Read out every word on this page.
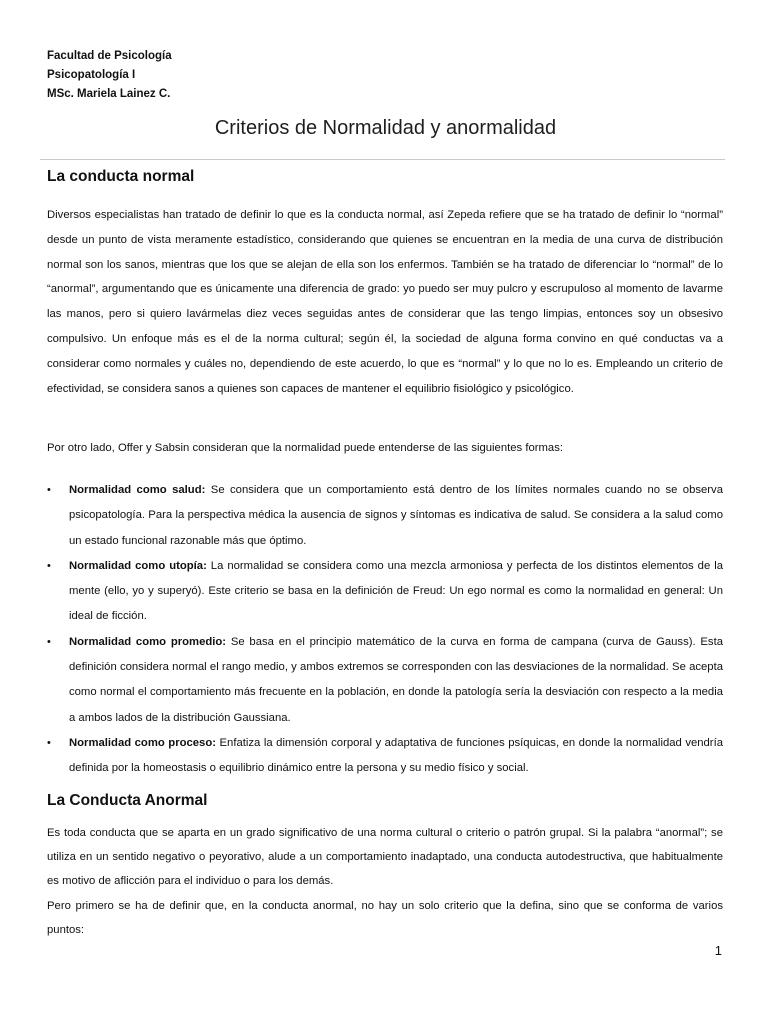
Facultad de Psicología
Psicopatología I
MSc. Mariela Lainez C.
Criterios de Normalidad y anormalidad
La conducta normal

Diversos especialistas han tratado de definir lo que es la conducta normal, así Zepeda refiere que se ha tratado de definir lo “normal” desde un punto de vista meramente estadístico, considerando que quienes se encuentran en la media de una curva de distribución normal son los sanos, mientras que los que se alejan de ella son los enfermos. También se ha tratado de diferenciar lo “normal” de lo “anormal”, argumentando que es únicamente una diferencia de grado: yo puedo ser muy pulcro y escrupuloso al momento de lavarme las manos, pero si quiero lavármelas diez veces seguidas antes de considerar que las tengo limpias, entonces soy un obsesivo compulsivo. Un enfoque más es el de la norma cultural; según él, la sociedad de alguna forma convino en qué conductas va a considerar como normales y cuáles no, dependiendo de este acuerdo, lo que es “normal” y lo que no lo es. Empleando un criterio de efectividad, se considera sanos a quienes son capaces de mantener el equilibrio fisiológico y psicológico.

Por otro lado, Offer y Sabsin consideran que la normalidad puede entenderse de las siguientes formas:

• Normalidad como salud: Se considera que un comportamiento está dentro de los límites normales cuando no se observa psicopatología. Para la perspectiva médica la ausencia de signos y síntomas es indicativa de salud. Se considera a la salud como un estado funcional razonable más que óptimo.
• Normalidad como utopía: La normalidad se considera como una mezcla armoniosa y perfecta de los distintos elementos de la mente (ello, yo y superyó). Este criterio se basa en la definición de Freud: Un ego normal es como la normalidad en general: Un ideal de ficción.
• Normalidad como promedio: Se basa en el principio matemático de la curva en forma de campana (curva de Gauss). Esta definición considera normal el rango medio, y ambos extremos se corresponden con las desviaciones de la normalidad. Se acepta como normal el comportamiento más frecuente en la población, en donde la patología sería la desviación con respecto a la media a ambos lados de la distribución Gaussiana.
• Normalidad como proceso: Enfatiza la dimensión corporal y adaptativa de funciones psíquicas, en donde la normalidad vendría definida por la homeostasis o equilibrio dinámico entre la persona y su medio físico y social.
La Conducta Anormal

Es toda conducta que se aparta en un grado significativo de una norma cultural o criterio o patrón grupal. Si la palabra “anormal”; se utiliza en un sentido negativo o peyorativo, alude a un comportamiento inadaptado, una conducta autodestructiva, que habitualmente es motivo de aflicción para el individuo o para los demás.

Pero primero se ha de definir que, en la conducta anormal, no hay un solo criterio que la defina, sino que se conforma de varios puntos:

1
